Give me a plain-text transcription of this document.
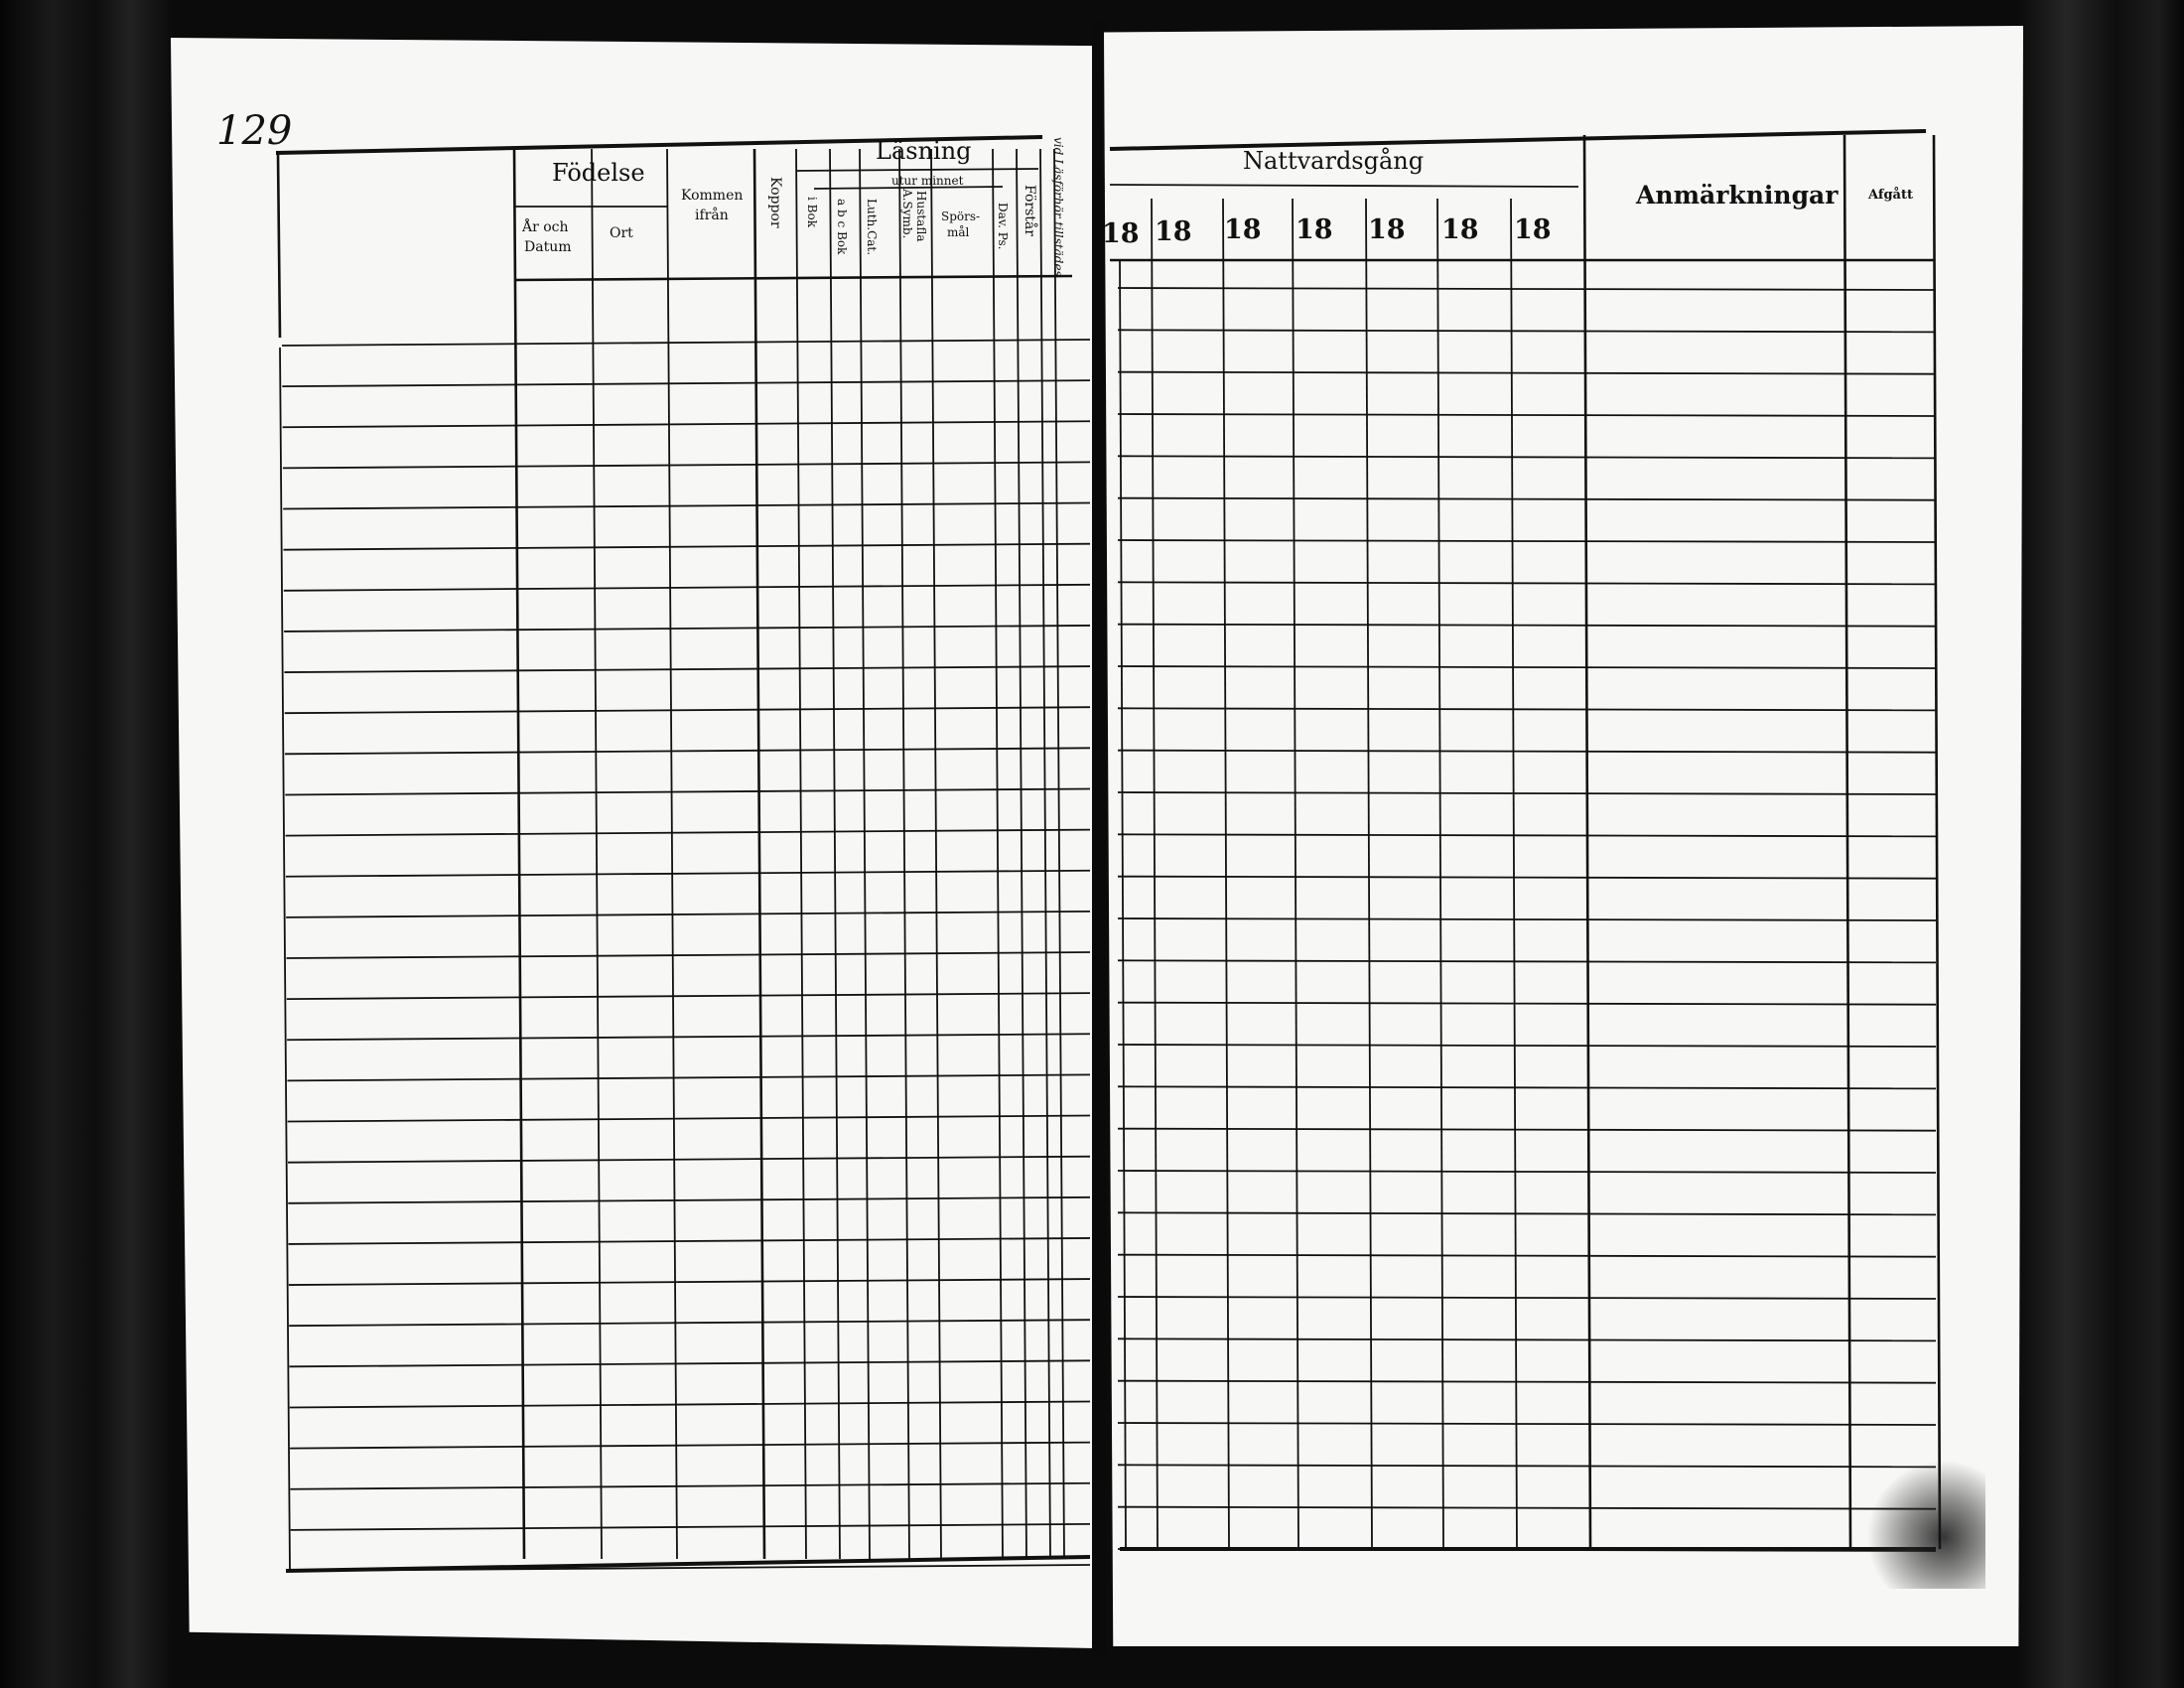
129
Födelse
År och
Datum
Ort
Kommen
ifrån	Koppor
Läsning
utur minnet
i Bok a b c Bok Luth.Cat. A.Symb. Hustafla Spörs-
mål Dav. Ps. Förstår vid Läsförhör tillstädes	Nattvardsgång
18 18 18 18 18 18 18
Anmärkningar Afgått
